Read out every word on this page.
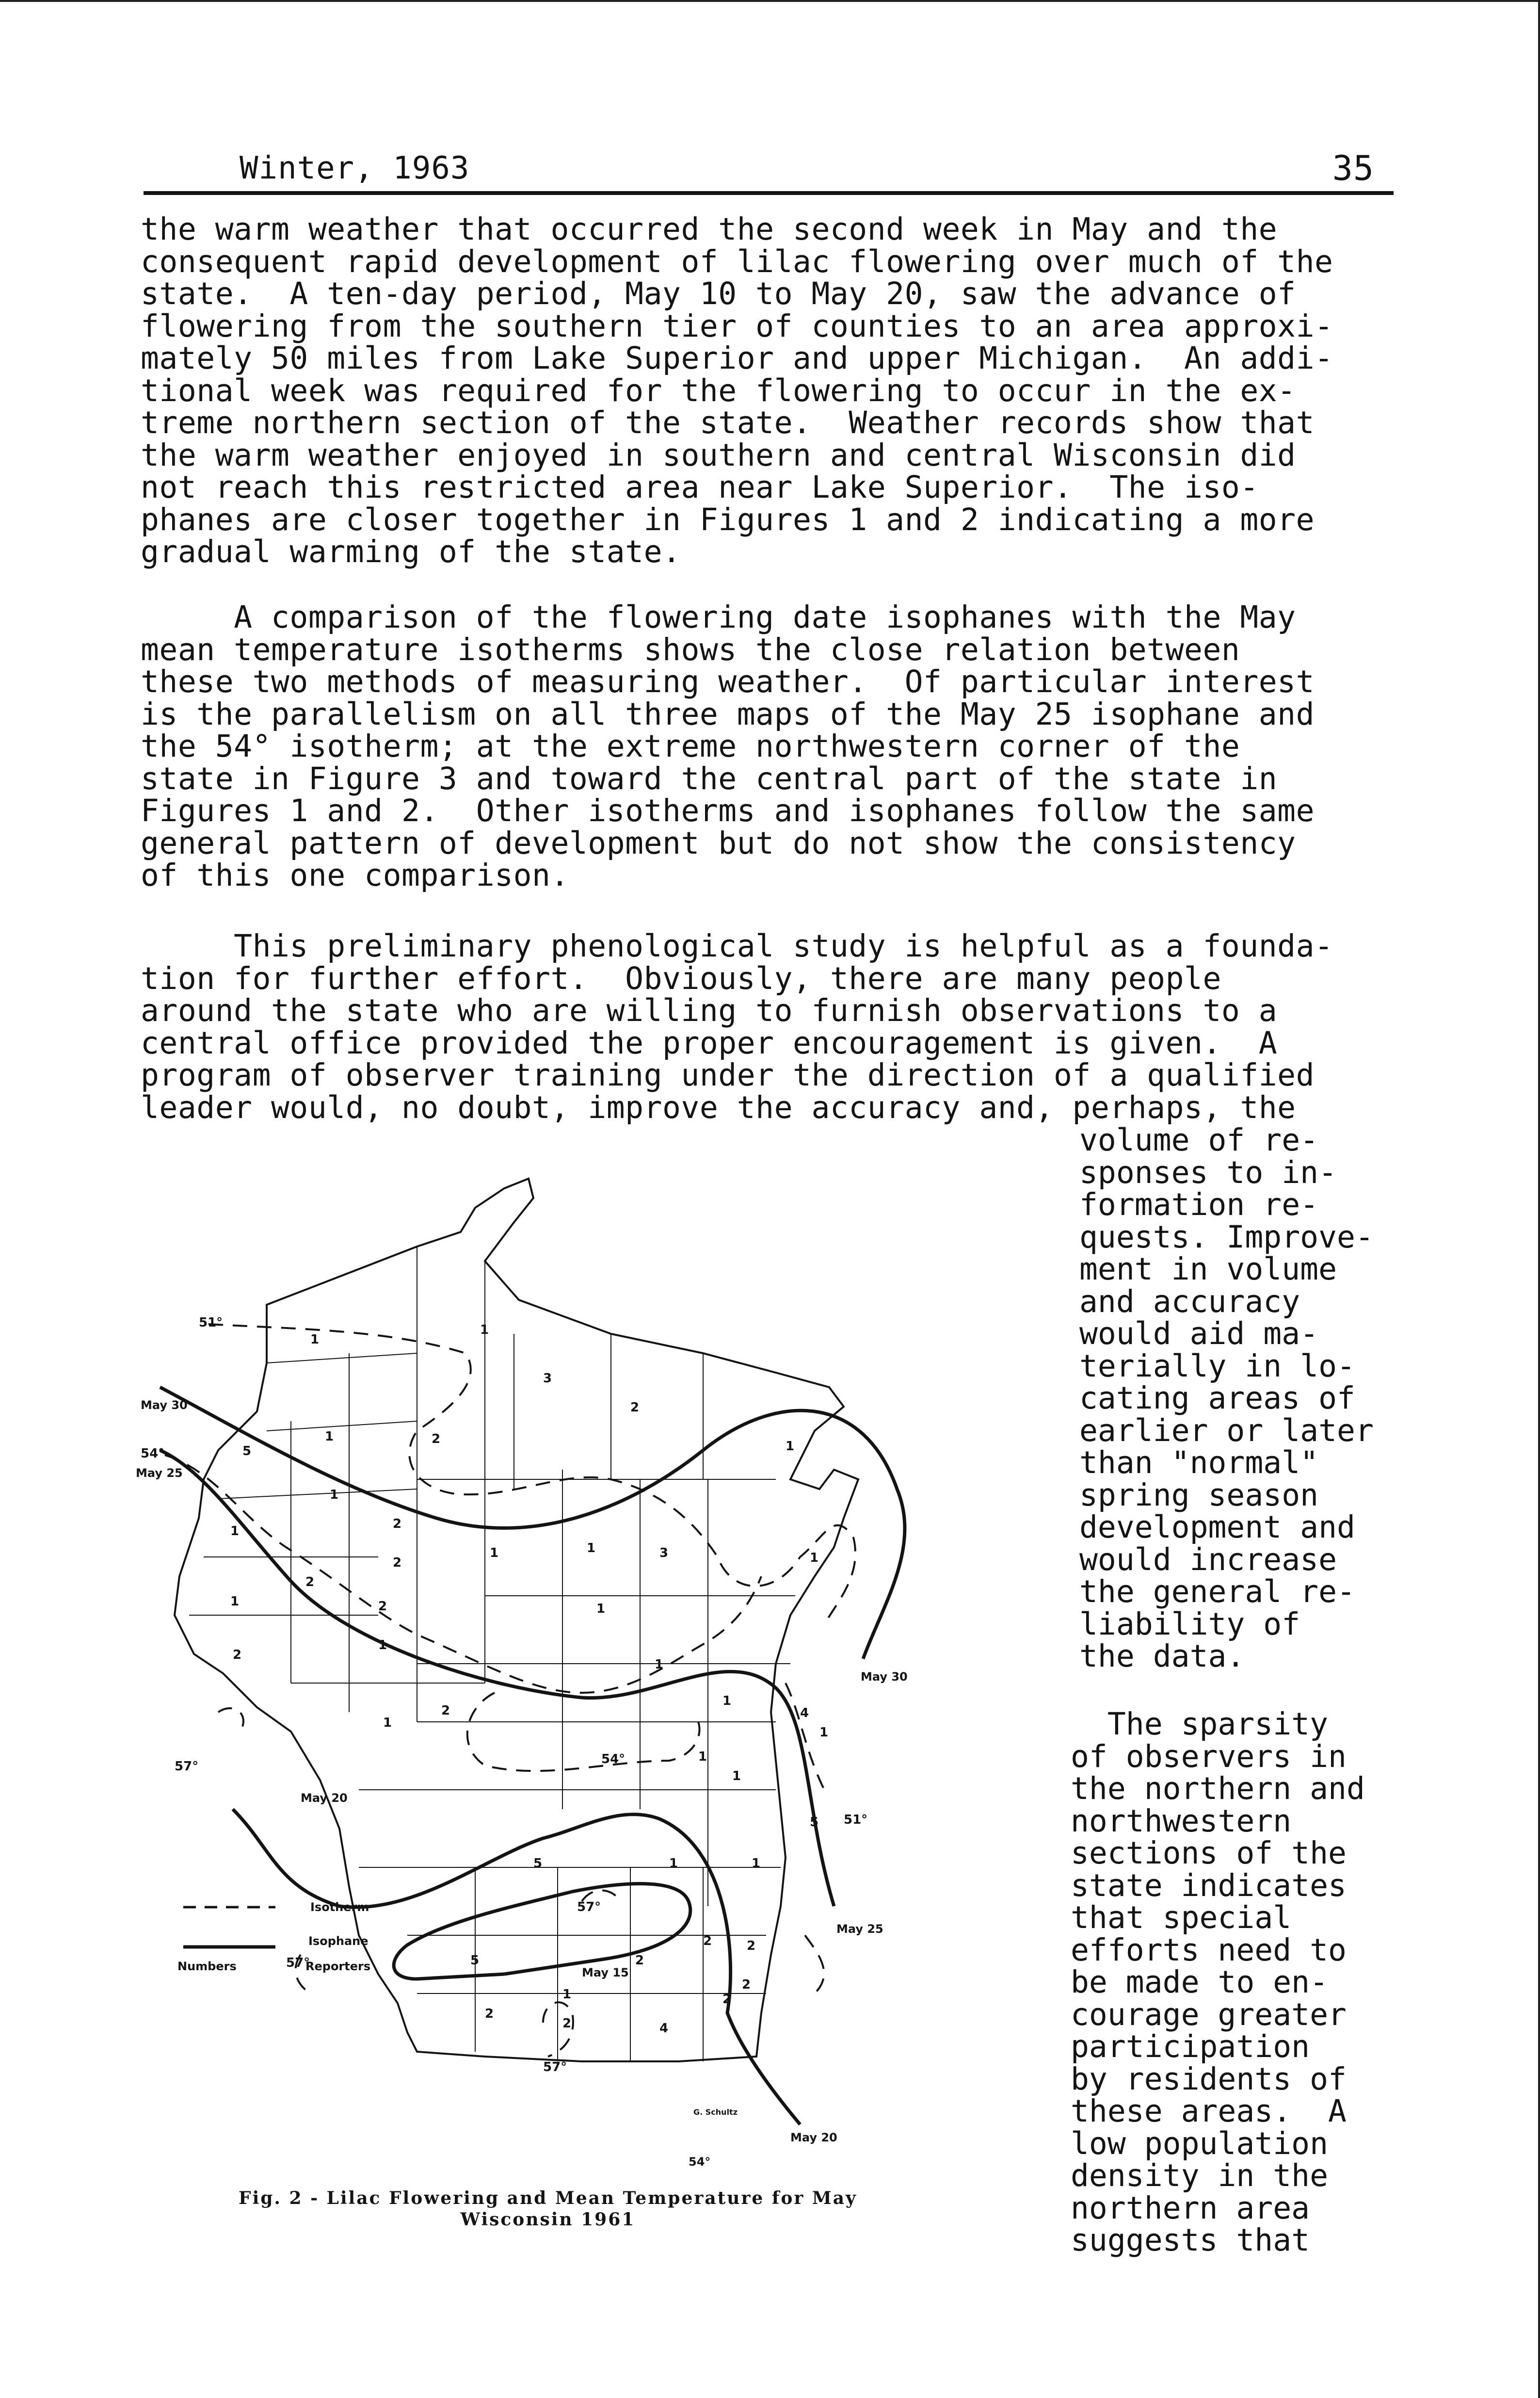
Winter, 1963	35
the warm weather that occurred the second week in May and the
consequent rapid development of lilac flowering over much of the
state.  A ten-day period, May 10 to May 20, saw the advance of
flowering from the southern tier of counties to an area approxi-
mately 50 miles from Lake Superior and upper Michigan.  An addi-
tional week was required for the flowering to occur in the ex-
treme northern section of the state.  Weather records show that
the warm weather enjoyed in southern and central Wisconsin did
not reach this restricted area near Lake Superior.  The iso-
phanes are closer together in Figures 1 and 2 indicating a more
gradual warming of the state.
A comparison of the flowering date isophanes with the May
mean temperature isotherms shows the close relation between
these two methods of measuring weather.  Of particular interest
is the parallelism on all three maps of the May 25 isophane and
the 54° isotherm; at the extreme northwestern corner of the
state in Figure 3 and toward the central part of the state in
Figures 1 and 2.  Other isotherms and isophanes follow the same
general pattern of development but do not show the consistency
of this one comparison.
This preliminary phenological study is helpful as a founda-
tion for further effort.  Obviously, there are many people
around the state who are willing to furnish observations to a
central office provided the proper encouragement is given.  A
program of observer training under the direction of a qualified
leader would, no doubt, improve the accuracy and, perhaps, the
volume of re-
sponses to in-
formation re-
quests. Improve-
ment in volume
and accuracy
would aid ma-
terially in lo-
cating areas of
earlier or later
than "normal"
spring season
development and
would increase
the general re-
liability of
the data.
The sparsity
of observers in
the northern and
northwestern
sections of the
state indicates
that special
efforts need to
be made to en-
courage greater
participation
by residents of
these areas.  A
low population
density in the
northern area
suggests that
May 30
May 25
May 20
May 15
May 30
May 25
May 20
51°
54°
57°	54°
57°
57°
51°
57°
54°
G. Schultz
1
1
3
2
1	2	1
5
1
2
1
1
2
1	3	1
1
2
1
2
1
2
1
1
4
2
1
1
1
5
1
5	1	1
2	2
2
5	2
1
2
2	4
2
Isotherm
Isophane
Numbers	Reporters
Fig. 2 - Lilac Flowering and Mean Temperature for May
Wisconsin 1961
